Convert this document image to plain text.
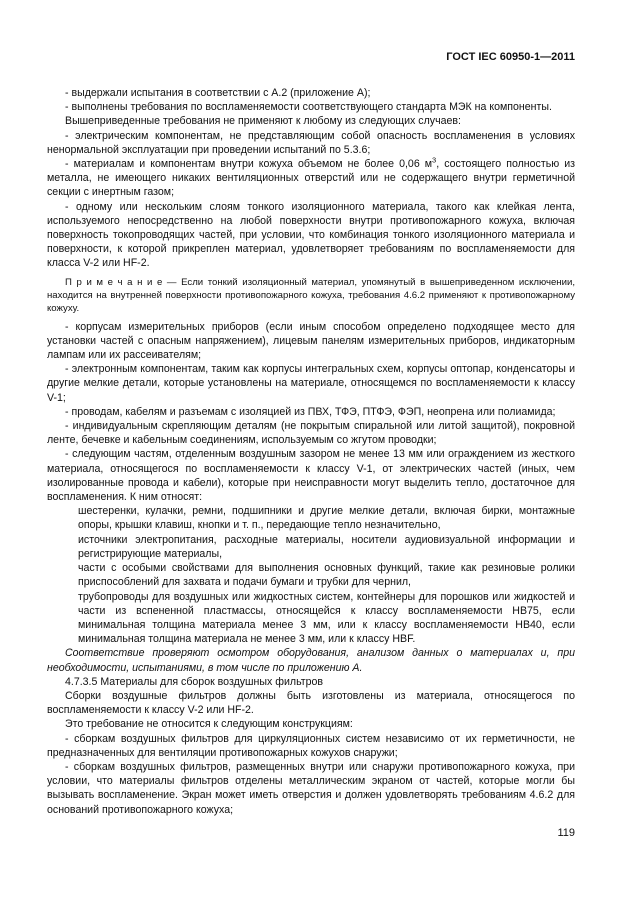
ГОСТ IEC 60950-1—2011

- выдержали испытания в соответствии с А.2 (приложение А);

- выполнены требования по воспламеняемости соответствующего стандарта МЭК на компоненты.

Вышеприведенные требования не применяют к любому из следующих случаев:

- электрическим компонентам, не представляющим собой опасность воспламенения в условиях ненормальной эксплуатации при проведении испытаний по 5.3.6;

- материалам и компонентам внутри кожуха объемом не более 0,06 $м^3$, состоящего полностью из металла, не имеющего никаких вентиляционных отверстий или не содержащего внутри герметичной секции с инертным газом;

- одному или нескольким слоям тонкого изоляционного материала, такого как клейкая лента, используемого непосредственно на любой поверхности внутри противопожарного кожуха, включая поверхность токопроводящих частей, при условии, что комбинация тонкого изоляционного материала и поверхности, к которой прикреплен материал, удовлетворяет требованиям по воспламеняемости для класса V-2 или HF-2.

П р и м е ч а н и е — Если тонкий изоляционный материал, упомянутый в вышеприведенном исключении, находится на внутренней поверхности противопожарного кожуха, требования 4.6.2 применяют к противопожарному кожуху.

- корпусам измерительных приборов (если иным способом определено подходящее место для установки частей с опасным напряжением), лицевым панелям измерительных приборов, индикаторным лампам или их рассеивателям;

- электронным компонентам, таким как корпусы интегральных схем, корпусы оптопар, конденсаторы и другие мелкие детали, которые установлены на материале, относящемся по воспламеняемости к классу V-1;

- проводам, кабелям и разъемам с изоляцией из ПВХ, ТФЭ, ПТФЭ, ФЭП, неопрена или полиамида;

- индивидуальным скрепляющим деталям (не покрытым спиральной или литой защитой), покровной ленте, бечевке и кабельным соединениям, используемым со жгутом проводки;

- следующим частям, отделенным воздушным зазором не менее 13 мм или ограждением из жесткого материала, относящегося по воспламеняемости к классу V-1, от электрических частей (иных, чем изолированные провода и кабели), которые при неисправности могут выделить тепло, достаточное для воспламенения. К ним относят:

шестеренки, кулачки, ремни, подшипники и другие мелкие детали, включая бирки, монтажные опоры, крышки клавиш, кнопки и т. п., передающие тепло незначительно,

источники электропитания, расходные материалы, носители аудиовизуальной информации и регистрирующие материалы,

части с особыми свойствами для выполнения основных функций, такие как резиновые ролики приспособлений для захвата и подачи бумаги и трубки для чернил,

трубопроводы для воздушных или жидкостных систем, контейнеры для порошков или жидкостей и части из вспененной пластмассы, относящейся к классу воспламеняемости НВ75, если минимальная толщина материала менее 3 мм, или к классу воспламеняемости НВ40, если минимальная толщина материала не менее 3 мм, или к классу HBF.

Соответствие проверяют осмотром оборудования, анализом данных о материалах и, при необходимости, испытаниями, в том числе по приложению А.

4.7.3.5 Материалы для сборок воздушных фильтров

Сборки воздушные фильтров должны быть изготовлены из материала, относящегося по воспламеняемости к классу V-2 или HF-2.

Это требование не относится к следующим конструкциям:

- сборкам воздушных фильтров для циркуляционных систем независимо от их герметичности, не предназначенных для вентиляции противопожарных кожухов снаружи;

- сборкам воздушных фильтров, размещенных внутри или снаружи противопожарного кожуха, при условии, что материалы фильтров отделены металлическим экраном от частей, которые могли бы вызывать воспламенение. Экран может иметь отверстия и должен удовлетворять требованиям 4.6.2 для оснований противопожарного кожуха;

119
